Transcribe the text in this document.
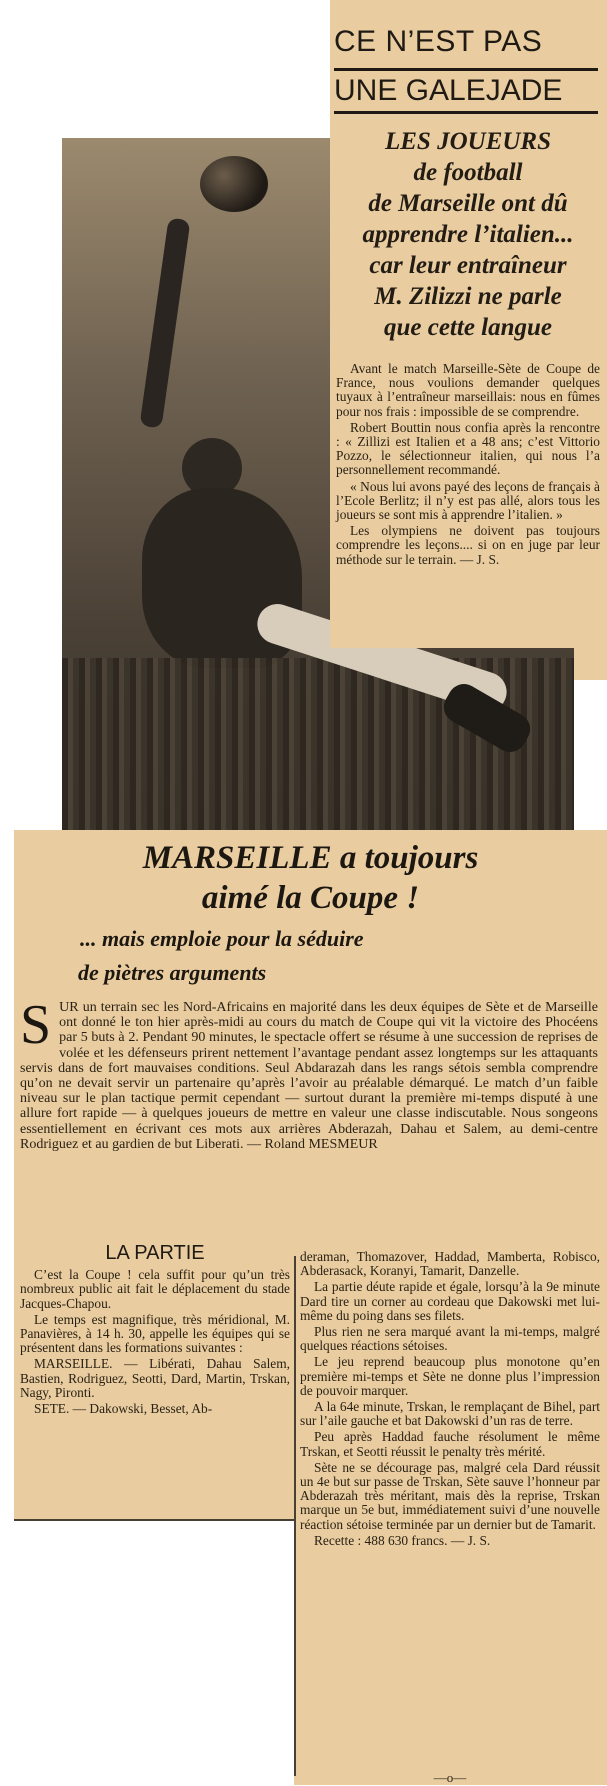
CE N’EST PAS
UNE GALEJADE
LES JOUEURS
de football
de Marseille ont dû
apprendre l’italien...
car leur entraîneur
M. Zilizzi ne parle
que cette langue

Avant le match Marseille-Sète de Coupe de France, nous voulions demander quelques tuyaux à l’entraîneur marseillais: nous en fûmes pour nos frais : impossible de se comprendre.

Robert Bouttin nous confia après la rencontre : « Zillizi est Italien et a 48 ans; c’est Vittorio Pozzo, le sélectionneur italien, qui nous l’a personnellement recommandé.

« Nous lui avons payé des leçons de français à l’Ecole Berlitz; il n’y est pas allé, alors tous les joueurs se sont mis à apprendre l’italien. »

Les olympiens ne doivent pas toujours comprendre les leçons.... si on en juge par leur méthode sur le terrain. — J. S.

MARSEILLE a toujours
aimé la Coupe !
... mais emploie pour la séduire
de piètres arguments
S UR un terrain sec les Nord-Africains en majorité dans les deux équipes de Sète et de Marseille ont donné le ton hier après-midi au cours du match de Coupe qui vit la victoire des Phocéens par 5 buts à 2. Pendant 90 minutes, le spectacle offert se résume à une succession de reprises de volée et les défenseurs prirent nettement l’avantage pendant assez longtemps sur les attaquants servis dans de fort mauvaises conditions. Seul Abdarazah dans les rangs sétois sembla comprendre qu’on ne devait servir un partenaire qu’après l’avoir au préalable démarqué. Le match d’un faible niveau sur le plan tactique permit cependant — surtout durant la première mi-temps disputé à une allure fort rapide — à quelques joueurs de mettre en valeur une classe indiscutable. Nous songeons essentiellement en écrivant ces mots aux arrières Abderazah, Dahau et Salem, au demi-centre Rodriguez et au gardien de but Liberati. — Roland MESMEUR
LA PARTIE

C’est la Coupe ! cela suffit pour qu’un très nombreux public ait fait le déplacement du stade Jacques-Chapou.

Le temps est magnifique, très méridional, M. Panavières, à 14 h. 30, appelle les équipes qui se présentent dans les formations suivantes :

MARSEILLE. — Libérati, Dahau Salem, Bastien, Rodriguez, Seotti, Dard, Martin, Trskan, Nagy, Pironti.

SETE. — Dakowski, Besset, Ab-

deraman, Thomazover, Haddad, Mamberta, Robisco, Abderasack, Koranyi, Tamarit, Danzelle.

La partie déute rapide et égale, lorsqu’à la 9e minute Dard tire un corner au cordeau que Dakowski met lui-même du poing dans ses filets.

Plus rien ne sera marqué avant la mi-temps, malgré quelques réactions sétoises.

Le jeu reprend beaucoup plus monotone qu’en première mi-temps et Sète ne donne plus l’impression de pouvoir marquer.

A la 64e minute, Trskan, le remplaçant de Bihel, part sur l’aile gauche et bat Dakowski d’un ras de terre.

Peu après Haddad fauche résolument le même Trskan, et Seotti réussit le penalty très mérité.

Sète ne se décourage pas, malgré cela Dard réussit un 4e but sur passe de Trskan, Sète sauve l’honneur par Abderazah très méritant, mais dès la reprise, Trskan marque un 5e but, immédiatement suivi d’une nouvelle réaction sétoise terminée par un dernier but de Tamarit.

Recette : 488 630 francs. — J. S.

—o—
